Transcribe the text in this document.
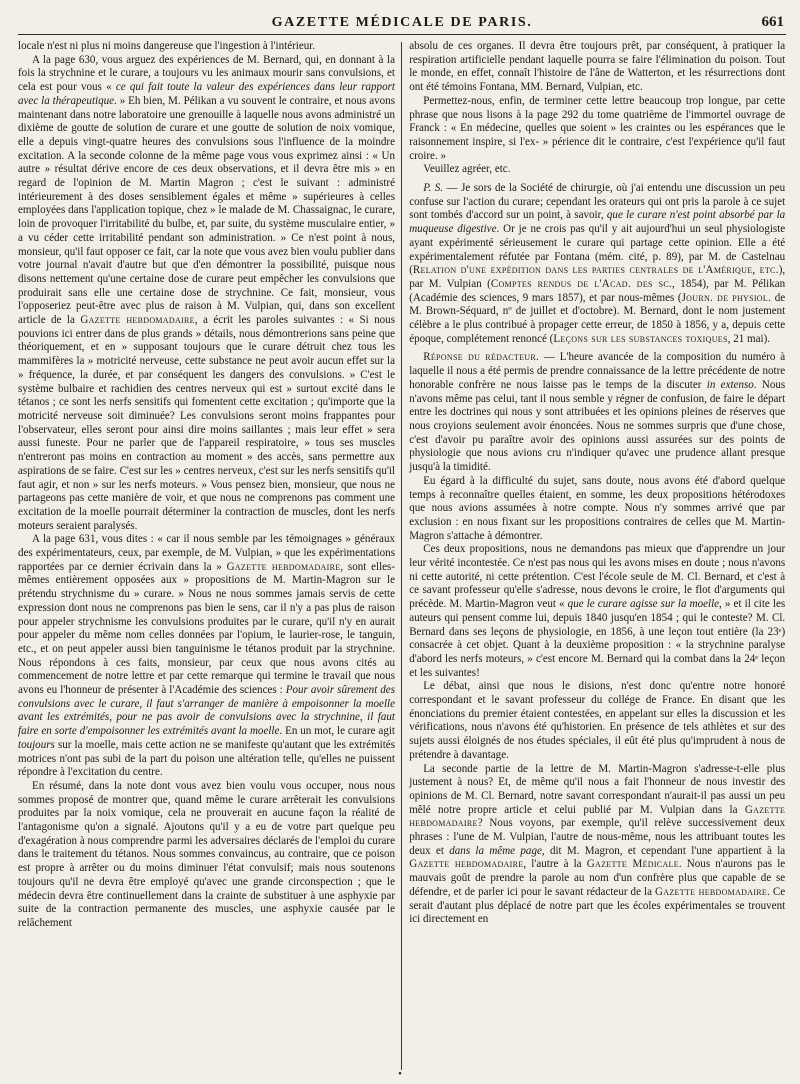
GAZETTE MÉDICALE DE PARIS.	661

locale n'est ni plus ni moins dangereuse que l'ingestion à l'intérieur.

A la page 630, vous arguez des expériences de M. Bernard, qui, en donnant à la fois la strychnine et le curare, a toujours vu les animaux mourir sans convulsions, et cela est pour vous « ce qui fait toute la valeur des expériences dans leur rapport avec la thérapeutique. » Eh bien, M. Pélikan a vu souvent le contraire, et nous avons maintenant dans notre laboratoire une grenouille à laquelle nous avons administré un dixième de goutte de solution de curare et une goutte de solution de noix vomique, elle a depuis vingt-quatre heures des convulsions sous l'influence de la moindre excitation. A la seconde colonne de la même page vous vous exprimez ainsi : « Un autre » résultat dérive encore de ces deux observations, et il devra être mis » en regard de l'opinion de M. Martin Magron ; c'est le suivant : administré intérieurement à des doses sensiblement égales et même » supérieures à celles employées dans l'application topique, chez » le malade de M. Chassaignac, le curare, loin de provoquer l'irritabilité du bulbe, et, par suite, du système musculaire entier, » a vu céder cette irritabilité pendant son administration. » Ce n'est point à nous, monsieur, qu'il faut opposer ce fait, car la note que vous avez bien voulu publier dans votre journal n'avait d'autre but que d'en démontrer la possibilité, puisque nous disons nettement qu'une certaine dose de curare peut empêcher les convulsions que produirait sans elle une certaine dose de strychnine. Ce fait, monsieur, vous l'opposeriez peut-être avec plus de raison à M. Vulpian, qui, dans son excellent article de la Gazette hebdomadaire, a écrit les paroles suivantes : « Si nous pouvions ici entrer dans de plus grands » détails, nous démontrerions sans peine que théoriquement, et en » supposant toujours que le curare détruit chez tous les mammifères la » motricité nerveuse, cette substance ne peut avoir aucun effet sur la » fréquence, la durée, et par conséquent les dangers des convulsions. » C'est le système bulbaire et rachidien des centres nerveux qui est » surtout excité dans le tétanos ; ce sont les nerfs sensitifs qui fomentent cette excitation ; qu'importe que la motricité nerveuse soit diminuée? Les convulsions seront moins frappantes pour l'observateur, elles seront pour ainsi dire moins saillantes ; mais leur effet » sera aussi funeste. Pour ne parler que de l'appareil respiratoire, » tous ses muscles n'entreront pas moins en contraction au moment » des accès, sans permettre aux aspirations de se faire. C'est sur les » centres nerveux, c'est sur les nerfs sensitifs qu'il faut agir, et non » sur les nerfs moteurs. » Vous pensez bien, monsieur, que nous ne partageons pas cette manière de voir, et que nous ne comprenons pas comment une excitation de la moelle pourrait déterminer la contraction de muscles, dont les nerfs moteurs seraient paralysés.

A la page 631, vous dites : « car il nous semble par les témoignages » généraux des expérimentateurs, ceux, par exemple, de M. Vulpian, » que les expérimentations rapportées par ce dernier écrivain dans la » Gazette hebdomadaire, sont elles-mêmes entièrement opposées aux » propositions de M. Martin-Magron sur le prétendu strychnisme du » curare. » Nous ne nous sommes jamais servis de cette expression dont nous ne comprenons pas bien le sens, car il n'y a pas plus de raison pour appeler strychnisme les convulsions produites par le curare, qu'il n'y en aurait pour appeler du même nom celles données par l'opium, le laurier-rose, le tanguin, etc., et on peut appeler aussi bien tanguinisme le tétanos produit par la strychnine. Nous répondons à ces faits, monsieur, par ceux que nous avons cités au commencement de notre lettre et par cette remarque qui termine le travail que nous avons eu l'honneur de présenter à l'Académie des sciences : Pour avoir sûrement des convulsions avec le curare, il faut s'arranger de manière à empoisonner la moelle avant les extrémités, pour ne pas avoir de convulsions avec la strychnine, il faut faire en sorte d'empoisonner les extrémités avant la moelle. En un mot, le curare agit toujours sur la moelle, mais cette action ne se manifeste qu'autant que les extrémités motrices n'ont pas subi de la part du poison une altération telle, qu'elles ne puissent répondre à l'excitation du centre.

En résumé, dans la note dont vous avez bien voulu vous occuper, nous nous sommes proposé de montrer que, quand même le curare arrêterait les convulsions produites par la noix vomique, cela ne prouverait en aucune façon la réalité de l'antagonisme qu'on a signalé. Ajoutons qu'il y a eu de votre part quelque peu d'exagération à nous comprendre parmi les adversaires déclarés de l'emploi du curare dans le traitement du tétanos. Nous sommes convaincus, au contraire, que ce poison est propre à arrêter ou du moins diminuer l'état convulsif; mais nous soutenons toujours qu'il ne devra être employé qu'avec une grande circonspection ; que le médecin devra être continuellement dans la crainte de substituer à une asphyxie par suite de la contraction permanente des muscles, une asphyxie causée par le relâchement

absolu de ces organes. Il devra être toujours prêt, par conséquent, à pratiquer la respiration artificielle pendant laquelle pourra se faire l'élimination du poison. Tout le monde, en effet, connaît l'histoire de l'âne de Watterton, et les résurrections dont ont été témoins Fontana, MM. Bernard, Vulpian, etc.

Permettez-nous, enfin, de terminer cette lettre beaucoup trop longue, par cette phrase que nous lisons à la page 292 du tome quatrième de l'immortel ouvrage de Franck : « En médecine, quelles que soient » les craintes ou les espérances que le raisonnement inspire, si l'ex- » périence dit le contraire, c'est l'expérience qu'il faut croire. »

Veuillez agréer, etc.

P. S. — Je sors de la Société de chirurgie, où j'ai entendu une discussion un peu confuse sur l'action du curare; cependant les orateurs qui ont pris la parole à ce sujet sont tombés d'accord sur un point, à savoir, que le curare n'est point absorbé par la muqueuse digestive. Or je ne crois pas qu'il y ait aujourd'hui un seul physiologiste ayant expérimenté sérieusement le curare qui partage cette opinion. Elle a été expérimentalement réfutée par Fontana (mém. cité, p. 89), par M. de Castelnau (Relation d'une expédition dans les parties centrales de l'Amérique, etc.), par M. Vulpian (Comptes rendus de l'Acad. des sc., 1854), par M. Pélikan (Académie des sciences, 9 mars 1857), et par nous-mêmes (Journ. de physiol. de M. Brown-Séquard, nº de juillet et d'octobre). M. Bernard, dont le nom justement célèbre a le plus contribué à propager cette erreur, de 1850 à 1856, y a, depuis cette époque, complétement renoncé (Leçons sur les substances toxiques, 21 mai).

Réponse du rédacteur. — L'heure avancée de la composition du numéro à laquelle il nous a été permis de prendre connaissance de la lettre précédente de notre honorable confrère ne nous laisse pas le temps de la discuter in extenso. Nous n'avons même pas celui, tant il nous semble y régner de confusion, de faire le départ entre les doctrines qui nous y sont attribuées et les opinions pleines de réserves que nous croyions seulement avoir énoncées. Nous ne sommes surpris que d'une chose, c'est d'avoir pu paraître avoir des opinions aussi assurées sur des points de physiologie que nous avions cru n'indiquer qu'avec une prudence allant presque jusqu'à la timidité.

Eu égard à la difficulté du sujet, sans doute, nous avons été d'abord quelque temps à reconnaître quelles étaient, en somme, les deux propositions hétérodoxes que nous avions assumées à notre compte. Nous n'y sommes arrivé que par exclusion : en nous fixant sur les propositions contraires de celles que M. Martin-Magron s'attache à démontrer.

Ces deux propositions, nous ne demandons pas mieux que d'apprendre un jour leur vérité incontestée. Ce n'est pas nous qui les avons mises en doute ; nous n'avons ni cette autorité, ni cette prétention. C'est l'école seule de M. Cl. Bernard, et c'est à ce savant professeur qu'elle s'adresse, nous devons le croire, le flot d'arguments qui précède. M. Martin-Magron veut « que le curare agisse sur la moelle, » et il cite les auteurs qui pensent comme lui, depuis 1840 jusqu'en 1854 ; qui le conteste? M. Cl. Bernard dans ses leçons de physiologie, en 1856, à une leçon tout entière (la 23ᵉ) consacrée à cet objet. Quant à la deuxième proposition : « la strychnine paralyse d'abord les nerfs moteurs, » c'est encore M. Bernard qui la combat dans la 24ᵉ leçon et les suivantes!

Le débat, ainsi que nous le disions, n'est donc qu'entre notre honoré correspondant et le savant professeur du collége de France. En disant que les énonciations du premier étaient contestées, en appelant sur elles la discussion et les vérifications, nous n'avons été qu'historien. En présence de tels athlètes et sur des sujets aussi éloignés de nos études spéciales, il eût été plus qu'imprudent à nous de prétendre à davantage.

La seconde partie de la lettre de M. Martin-Magron s'adresse-t-elle plus justement à nous? Et, de même qu'il nous a fait l'honneur de nous investir des opinions de M. Cl. Bernard, notre savant correspondant n'aurait-il pas aussi un peu mêlé notre propre article et celui publié par M. Vulpian dans la Gazette hebdomadaire? Nous voyons, par exemple, qu'il relève successivement deux phrases : l'une de M. Vulpian, l'autre de nous-même, nous les attribuant toutes les deux et dans la même page, dit M. Magron, et cependant l'une appartient à la Gazette hebdomadaire, l'autre à la Gazette Médicale. Nous n'aurons pas le mauvais goût de prendre la parole au nom d'un confrère plus que capable de se défendre, et de parler ici pour le savant rédacteur de la Gazette hebdomadaire. Ce serait d'autant plus déplacé de notre part que les écoles expérimentales se trouvent ici directement en

•
